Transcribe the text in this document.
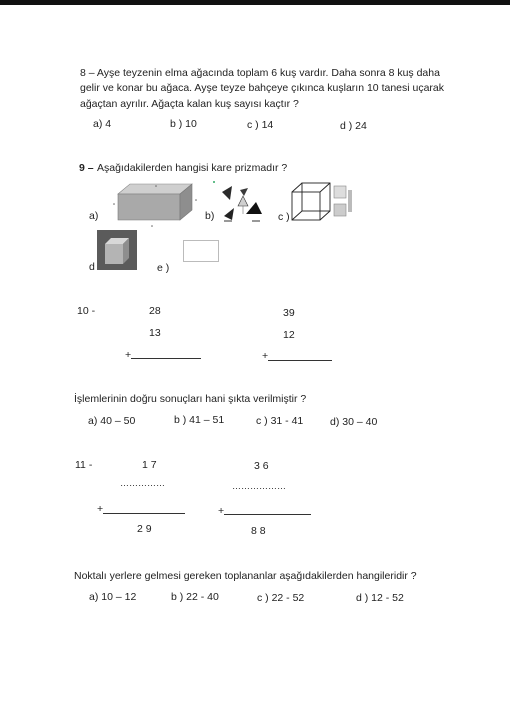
8 – Ayşe teyzenin elma ağacında toplam 6 kuş vardır. Daha sonra 8 kuş daha
gelir ve konar bu ağaca. Ayşe teyze bahçeye çıkınca kuşların 10 tanesi uçarak
ağaçtan ayrılır. Ağaçta kalan kuş sayısı kaçtır ?
a) 4	b ) 10	c ) 14	d ) 24
9 – Aşağıdakilerden hangisi kare prizmadır ?
a)	b)	c )
d	e )
10 -	28
13
+
39
12
+
İşlemlerinin doğru sonuçları hani şıkta verilmiştir ?
a) 40 – 50	b ) 41 – 51	c ) 31 - 41	d) 30 – 40
11 -	1 7
……………
+
2 9
3 6
………………
+
8 8
Noktalı yerlere gelmesi gereken toplananlar aşağıdakilerden hangileridir ?
a) 10 – 12	b ) 22 - 40	c ) 22 - 52	d ) 12 - 52
